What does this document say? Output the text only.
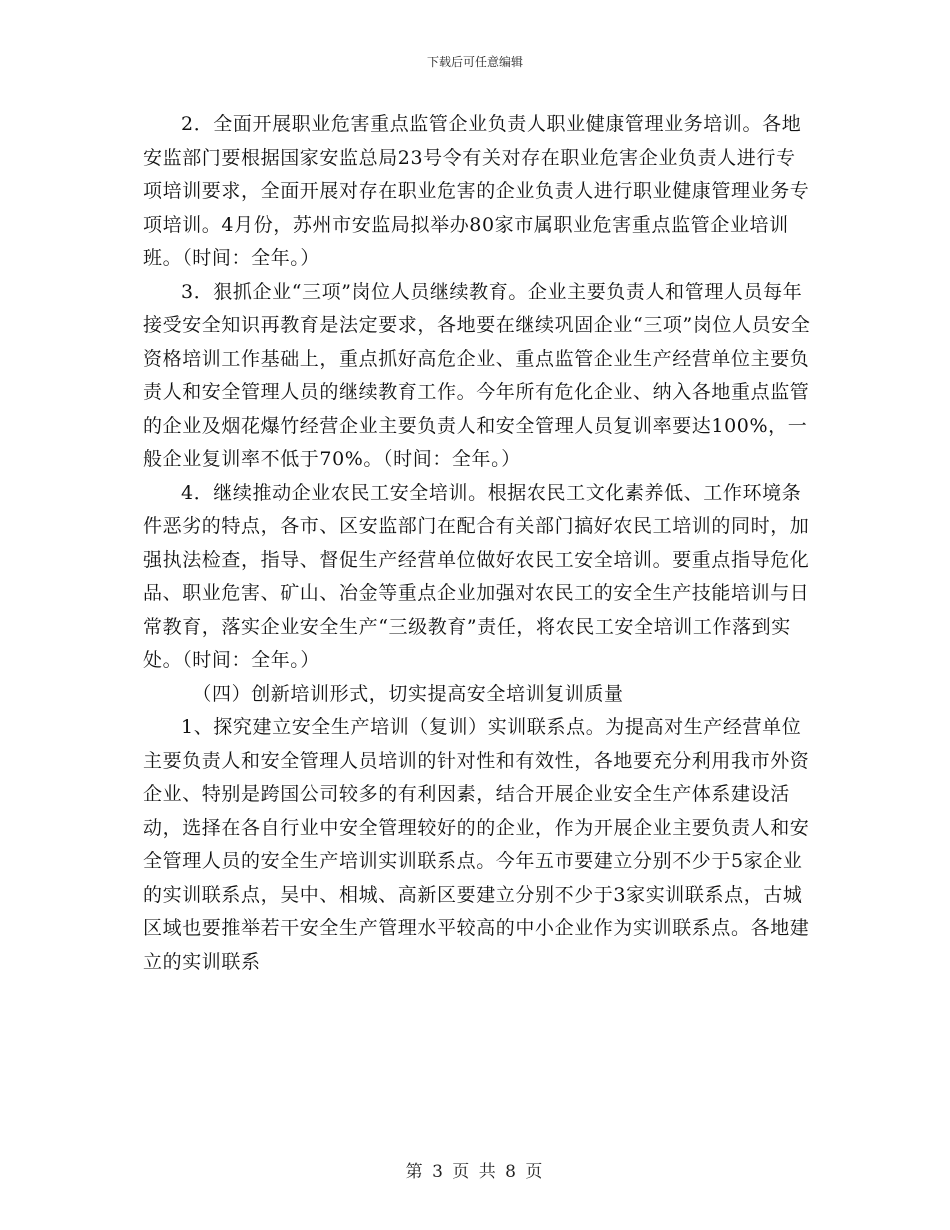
下载后可任意编辑

2．全面开展职业危害重点监管企业负责人职业健康管理业务培训。各地安监部门要根据国家安监总局23号令有关对存在职业危害企业负责人进行专项培训要求，全面开展对存在职业危害的企业负责人进行职业健康管理业务专项培训。4月份，苏州市安监局拟举办80家市属职业危害重点监管企业培训班。（时间：全年。）

3．狠抓企业“三项”岗位人员继续教育。企业主要负责人和管理人员每年接受安全知识再教育是法定要求，各地要在继续巩固企业“三项”岗位人员安全资格培训工作基础上，重点抓好高危企业、重点监管企业生产经营单位主要负责人和安全管理人员的继续教育工作。今年所有危化企业、纳入各地重点监管的企业及烟花爆竹经营企业主要负责人和安全管理人员复训率要达100%，一般企业复训率不低于70%。（时间：全年。）

4．继续推动企业农民工安全培训。根据农民工文化素养低、工作环境条件恶劣的特点，各市、区安监部门在配合有关部门搞好农民工培训的同时，加强执法检查，指导、督促生产经营单位做好农民工安全培训。要重点指导危化品、职业危害、矿山、冶金等重点企业加强对农民工的安全生产技能培训与日常教育，落实企业安全生产“三级教育”责任，将农民工安全培训工作落到实处。（时间：全年。）

（四）创新培训形式，切实提高安全培训复训质量

1、探究建立安全生产培训（复训）实训联系点。为提高对生产经营单位主要负责人和安全管理人员培训的针对性和有效性，各地要充分利用我市外资企业、特别是跨国公司较多的有利因素，结合开展企业安全生产体系建设活动，选择在各自行业中安全管理较好的的企业，作为开展企业主要负责人和安全管理人员的安全生产培训实训联系点。今年五市要建立分别不少于5家企业的实训联系点，吴中、相城、高新区要建立分别不少于3家实训联系点，古城区域也要推举若干安全生产管理水平较高的中小企业作为实训联系点。各地建立的实训联系

第 3 页 共 8 页
